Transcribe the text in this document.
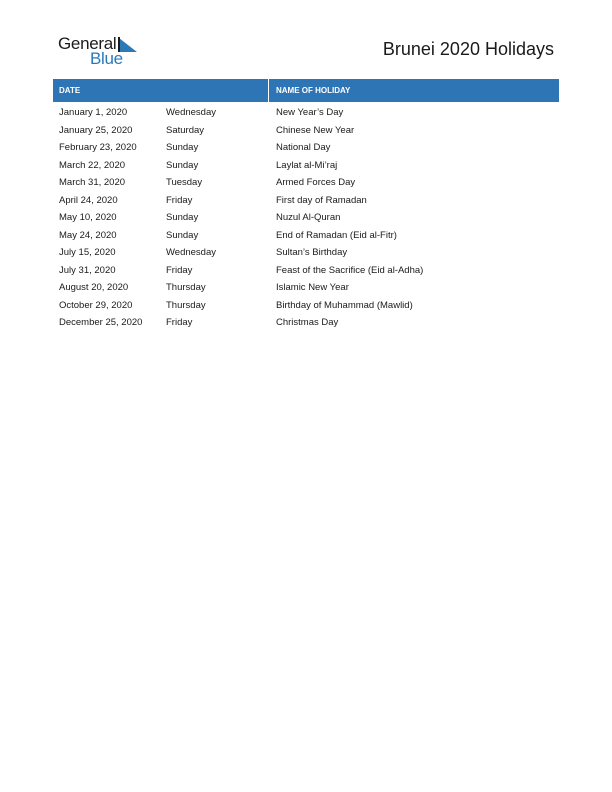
General
Blue	Brunei 2020 Holidays
DATE	NAME OF HOLIDAY
January 1, 2020	Wednesday	New Year’s Day
January 25, 2020	Saturday	Chinese New Year
February 23, 2020	Sunday	National Day
March 22, 2020	Sunday	Laylat al-Mi’raj
March 31, 2020	Tuesday	Armed Forces Day
April 24, 2020	Friday	First day of Ramadan
May 10, 2020	Sunday	Nuzul Al-Quran
May 24, 2020	Sunday	End of Ramadan (Eid al-Fitr)
July 15, 2020	Wednesday	Sultan’s Birthday
July 31, 2020	Friday	Feast of the Sacrifice (Eid al-Adha)
August 20, 2020	Thursday	Islamic New Year
October 29, 2020	Thursday	Birthday of Muhammad (Mawlid)
December 25, 2020	Friday	Christmas Day
